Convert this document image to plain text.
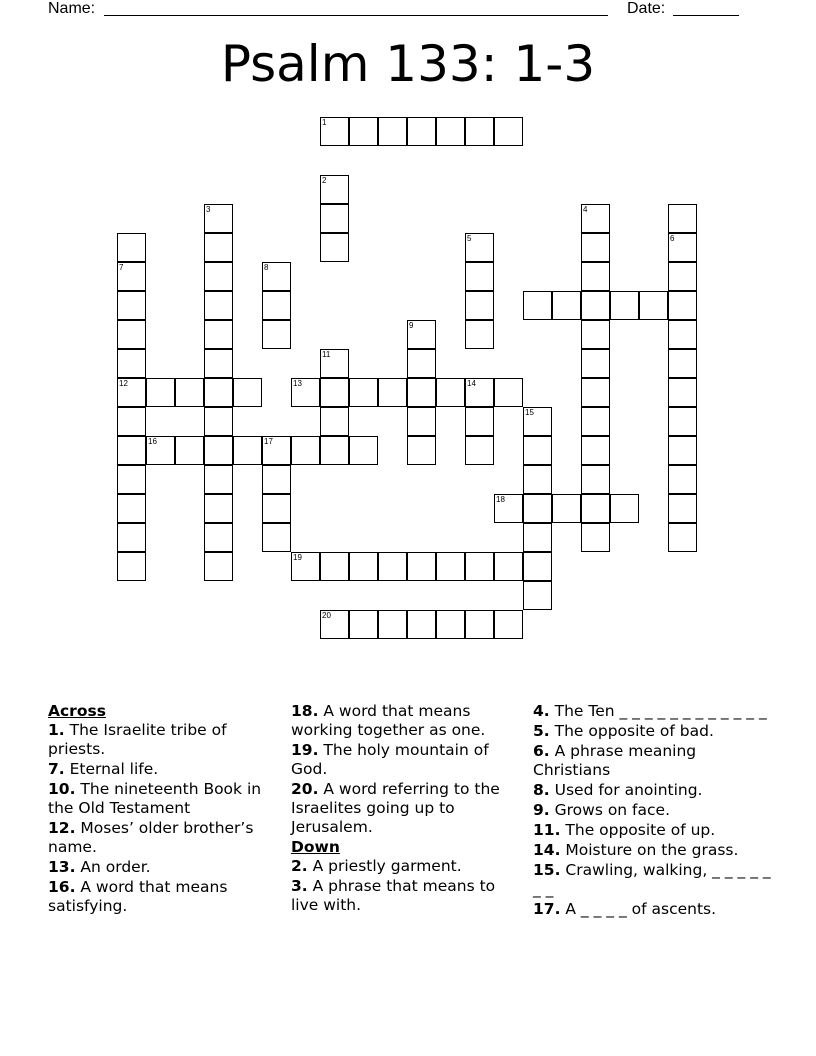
Name:	Date:
Psalm 133: 1-3
1
2
3	4
5	6
7
12
8
9
11
13	14
15
16	17
18
19
20
Across
1. The Israelite tribe of priests.
7. Eternal life.
10. The nineteenth Book in the Old Testament
12. Moses’ older brother’s name.
13. An order.
16. A word that means satisfying.
18. A word that means working together as one.
19. The holy mountain of God.
20. A word referring to the Israelites going up to Jerusalem.
Down
2. A priestly garment.
3. A phrase that means to live with.
4. The Ten _ _ _ _ _ _ _ _ _ _ _ _
5. The opposite of bad.
6. A phrase meaning Christians
8. Used for anointing.
9. Grows on face.
11. The opposite of up.
14. Moisture on the grass.
15. Crawling, walking, _ _ _ _ _ _ _
17. A _ _ _ _ of ascents.
